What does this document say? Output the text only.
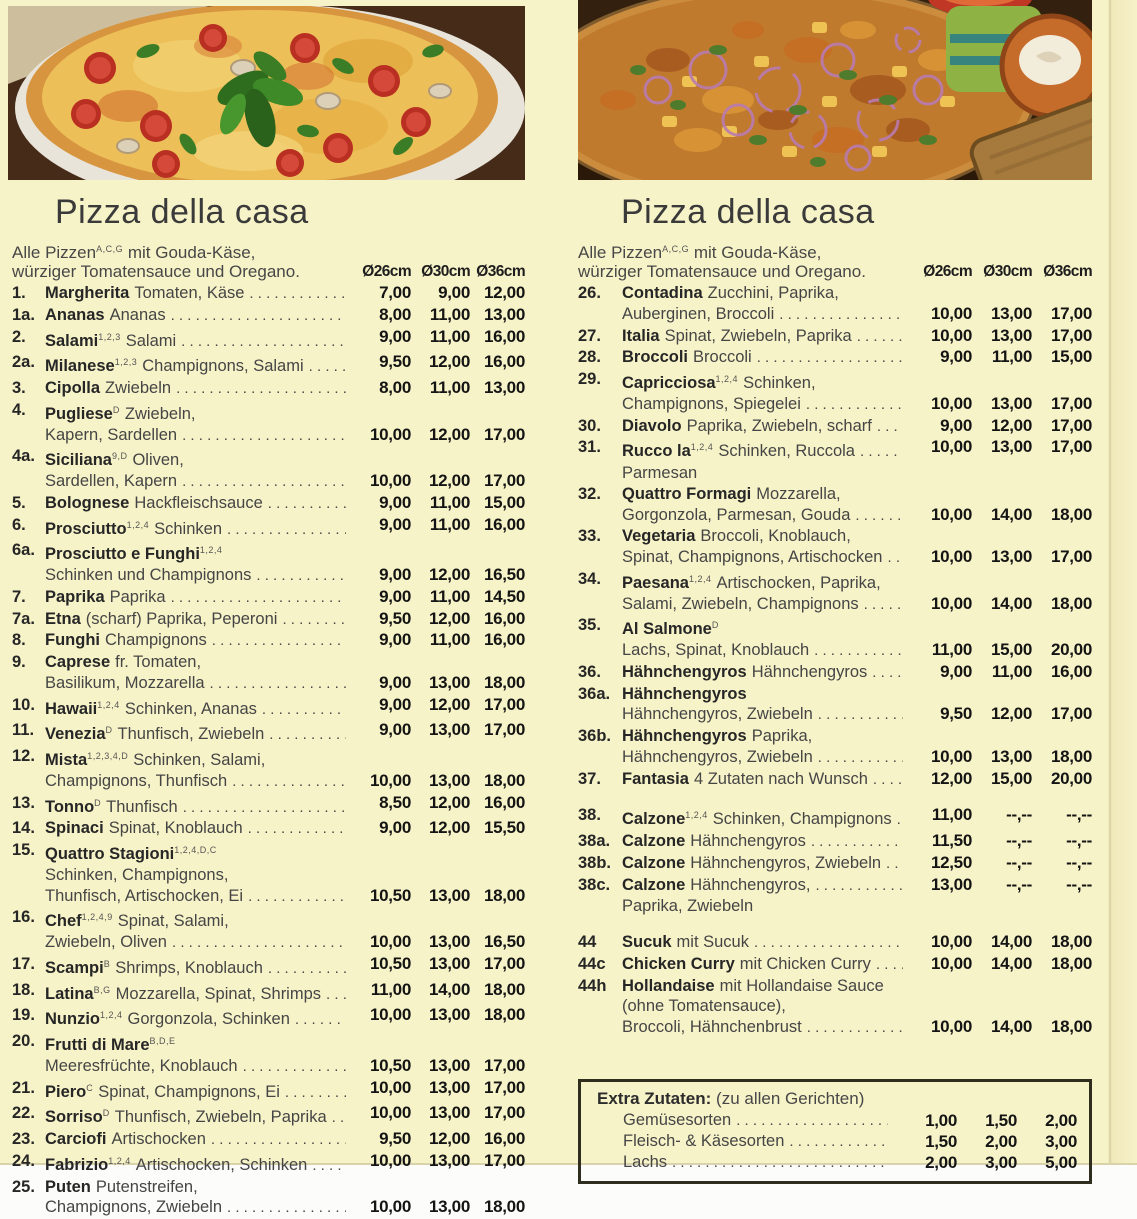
Pizza della casa
Alle Pizzen$^{A,C,G}$ mit Gouda-Käse,
würziger Tomatensauce und Oregano.	Ø26cm Ø30cm Ø36cm
1.	Margherita Tomaten, Käse . . .	7,00	9,00 12,00
1a. Ananas Ananas . . .	8,00	11,00 13,00
2.	Salami$^{1,2,3}$ Salami . . .	9,00	11,00 16,00
2a. Milanese$^{1,2,3}$ Champignons, Salami . . .	9,50	12,00 16,00
3.	Cipolla Zwiebeln . . .	8,00	11,00 13,00
4.	Pugliese$^D$ Zwiebeln,
Kapern, Sardellen . . .	10,00	12,00 17,00
4a. Siciliana$^{9,D}$ Oliven,
Sardellen, Kapern . . .	10,00	12,00 17,00
5.	Bolognese Hackfleischsauce . . .	9,00	11,00 15,00
6.	Prosciutto$^{1,2,4}$ Schinken . . .	9,00	11,00 16,00
6a. Prosciutto e Funghi$^{1,2,4}$
Schinken und Champignons . . .	9,00	12,00 16,50
7.	Paprika Paprika . . .	9,00	11,00 14,50
7a. Etna (scharf) Paprika, Peperoni . . .	9,50	12,00 16,00
8.	Funghi Champignons . . .	9,00	11,00 16,00
9.	Caprese fr. Tomaten,
Basilikum, Mozzarella . . .	9,00	13,00 18,00
10. Hawaii$^{1,2,4}$ Schinken, Ananas . . .	9,00	12,00 17,00
11. Venezia$^D$ Thunfisch, Zwiebeln . . .	9,00	13,00 17,00
12. Mista$^{1,2,3,4,D}$ Schinken, Salami,
Champignons, Thunfisch . . .	10,00	13,00 18,00
13. Tonno$^D$ Thunfisch . . .	8,50	12,00 16,00
14. Spinaci Spinat, Knoblauch . . .	9,00	12,00 15,50
15. Quattro Stagioni$^{1,2,4,D,C}$
Schinken, Champignons,
Thunfisch, Artischocken, Ei . . .	10,50	13,00 18,00
16. Chef$^{1,2,4,9}$ Spinat, Salami,
Zwiebeln, Oliven . . .	10,00	13,00 16,50
17. Scampi$^B$ Shrimps, Knoblauch . . .	10,50	13,00 17,00
18. Latina$^{B,G}$ Mozzarella, Spinat, Shrimps . . .	11,00	14,00 18,00
19. Nunzio$^{1,2,4}$ Gorgonzola, Schinken . . .	10,00	13,00 18,00
20. Frutti di Mare$^{B,D,E}$
Meeresfrüchte, Knoblauch . . .	10,50	13,00 17,00
21. Piero$^C$ Spinat, Champignons, Ei . . .	10,00	13,00 17,00
22. Sorriso$^D$ Thunfisch, Zwiebeln, Paprika . . .	10,00	13,00 17,00
23. Carciofi Artischocken . . .	9,50	12,00 16,00
24. Fabrizio$^{1,2,4}$ Artischocken, Schinken . . .	10,00	13,00 17,00
25. Puten Putenstreifen,
Champignons, Zwiebeln . . .	10,00	13,00 18,00
Pizza della casa
Alle Pizzen$^{A,C,G}$ mit Gouda-Käse,
würziger Tomatensauce und Oregano.	Ø26cm Ø30cm Ø36cm
26.	Contadina Zucchini, Paprika,
Auberginen, Broccoli . . .	10,00	13,00	17,00
27.	Italia Spinat, Zwiebeln, Paprika . . .	10,00	13,00	17,00
28.	Broccoli Broccoli . . .	9,00	11,00	15,00
29.	Capricciosa$^{1,2,4}$ Schinken,
Champignons, Spiegelei . . .	10,00	13,00	17,00
30.	Diavolo Paprika, Zwiebeln, scharf . . .	9,00	12,00	17,00
31.	Rucco la$^{1,2,4}$ Schinken, Ruccola . . .	10,00	13,00	17,00
Parmesan
32.	Quattro Formagi Mozzarella,
Gorgonzola, Parmesan, Gouda . . .	10,00	14,00	18,00
33.	Vegetaria Broccoli, Knoblauch,
Spinat, Champignons, Artischocken . . .	10,00	13,00	17,00
34.	Paesana$^{1,2,4}$ Artischocken, Paprika,
Salami, Zwiebeln, Champignons . . .	10,00	14,00	18,00
35.	Al Salmone$^D$
Lachs, Spinat, Knoblauch . . .	11,00	15,00	20,00
36.	Hähnchengyros Hähnchengyros . . .	9,00	11,00	16,00
36a. Hähnchengyros
Hähnchengyros, Zwiebeln . . .	9,50	12,00	17,00
36b. Hähnchengyros Paprika,
Hähnchengyros, Zwiebeln . . .	10,00	13,00	18,00
37.	Fantasia 4 Zutaten nach Wunsch . . .	12,00	15,00	20,00
38.	Calzone$^{1,2,4}$ Schinken, Champignons . . .	11,00	--,--	--,--
38a. Calzone Hähnchengyros . . .	11,50	--,--	--,--
38b. Calzone Hähnchengyros, Zwiebeln . . .	12,50	--,--	--,--
38c. Calzone Hähnchengyros, . . .	13,00	--,--	--,--
Paprika, Zwiebeln
44	Sucuk mit Sucuk . . .	10,00	14,00	18,00
44c Chicken Curry mit Chicken Curry . . .	10,00	14,00	18,00
44h Hollandaise mit Hollandaise Sauce
(ohne Tomatensauce),
Broccoli, Hähnchenbrust . . .	10,00	14,00	18,00
Extra Zutaten: (zu allen Gerichten)
Gemüsesorten . . .	1,00	1,50	2,00
Fleisch- & Käsesorten . . .	1,50	2,00	3,00
Lachs . . .	2,00	3,00	5,00
